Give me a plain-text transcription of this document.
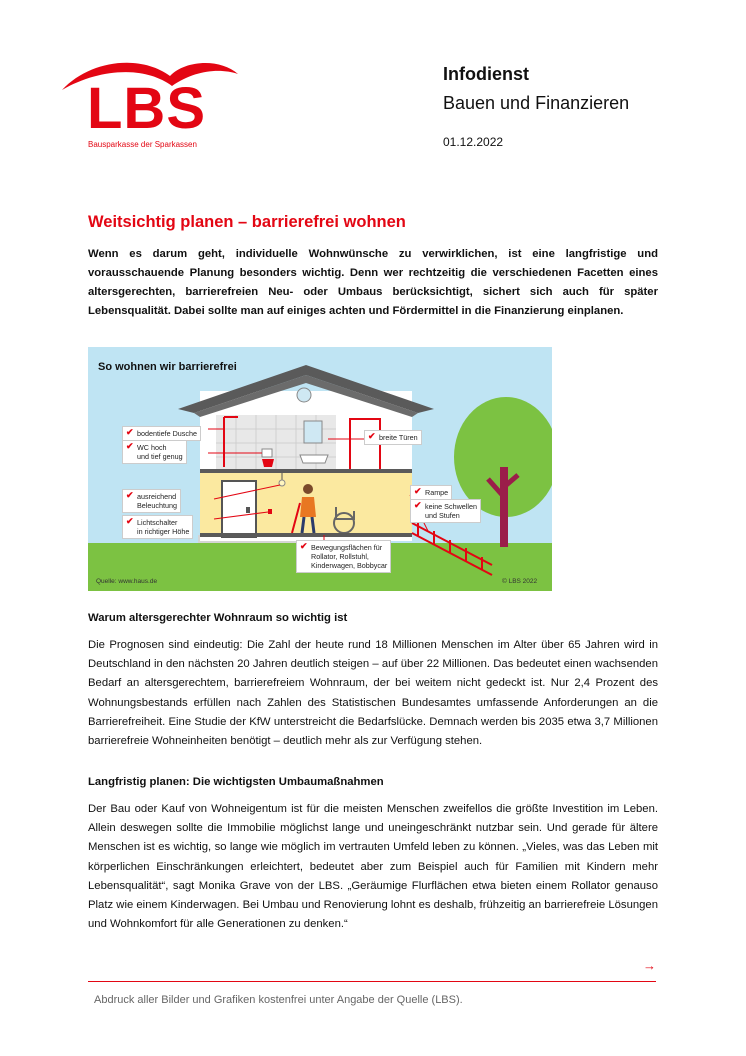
LBS
Bausparkasse der Sparkassen
Infodienst
Bauen und Finanzieren
01.12.2022
Weitsichtig planen – barrierefrei wohnen
Wenn es darum geht, individuelle Wohnwünsche zu verwirklichen, ist eine langfristige und vorausschauende Planung besonders wichtig. Denn wer rechtzeitig die verschiedenen Facetten eines altersgerechten, barrierefreien Neu- oder Umbaus berücksichtigt, sichert sich auch für später Lebensqualität. Dabei sollte man auf einiges achten und Fördermittel in die Finanzierung einplanen.
So wohnen wir barrierefrei
✔ bodentiefe Dusche
✔ WC hoch
und tief genug
✔ breite Türen
✔ ausreichend
Beleuchtung
✔ Lichtschalter
in richtiger Höhe
✔ Rampe
✔ keine Schwellen
und Stufen
✔ Bewegungsflächen für
Rollator, Rollstuhl,
Kinderwagen, Bobbycar
Quelle: www.haus.de	© LBS 2022
Warum altersgerechter Wohnraum so wichtig ist
Die Prognosen sind eindeutig: Die Zahl der heute rund 18 Millionen Menschen im Alter über 65 Jahren wird in Deutschland in den nächsten 20 Jahren deutlich steigen – auf über 22 Millionen. Das bedeutet einen wachsenden Bedarf an altersgerechtem, barrierefreiem Wohnraum, der bei weitem nicht gedeckt ist. Nur 2,4 Prozent des Wohnungsbestands erfüllen nach Zahlen des Statistischen Bundesamtes umfassende Anforderungen an die Barrierefreiheit. Eine Studie der KfW unterstreicht die Bedarfslücke. Demnach werden bis 2035 etwa 3,7 Millionen barrierefreie Wohneinheiten benötigt – deutlich mehr als zur Verfügung stehen.
Langfristig planen: Die wichtigsten Umbaumaßnahmen
Der Bau oder Kauf von Wohneigentum ist für die meisten Menschen zweifellos die größte Investition im Leben. Allein deswegen sollte die Immobilie möglichst lange und uneingeschränkt nutzbar sein. Und gerade für ältere Menschen ist es wichtig, so lange wie möglich im vertrauten Umfeld leben zu können. „Vieles, was das Leben mit körperlichen Einschränkungen erleichtert, bedeutet aber zum Beispiel auch für Familien mit Kindern mehr Lebensqualität“, sagt Monika Grave von der LBS. „Geräumige Flurflächen etwa bieten einem Rollator genauso Platz wie einem Kinderwagen. Bei Umbau und Renovierung lohnt es deshalb, frühzeitig an barrierefreie Lösungen und Wohnkomfort für alle Generationen zu denken.“
→
Abdruck aller Bilder und Grafiken kostenfrei unter Angabe der Quelle (LBS).
